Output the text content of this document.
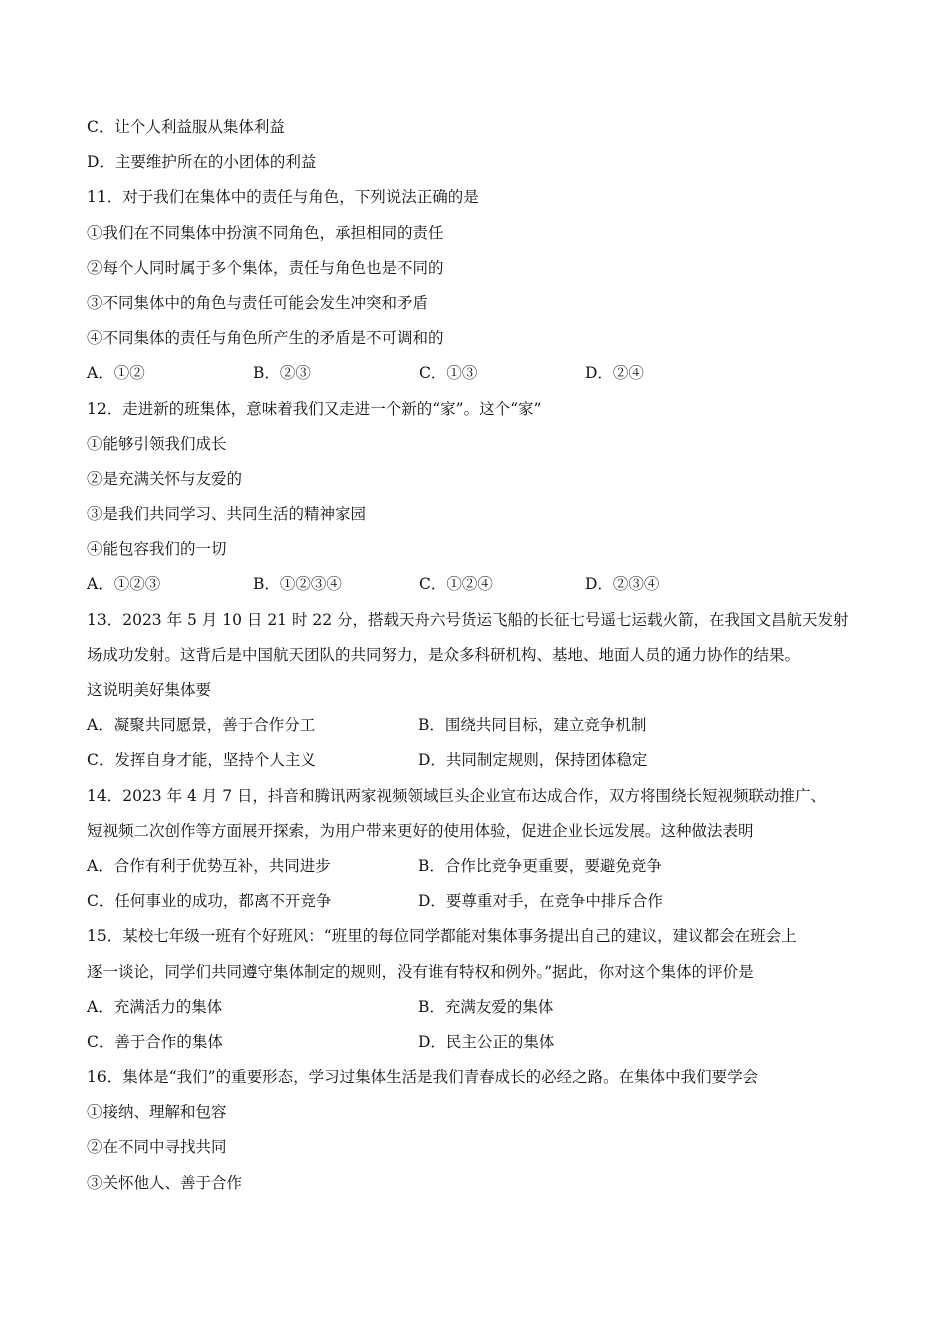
C．让个人利益服从集体利益
D．主要维护所在的小团体的利益
11．对于我们在集体中的责任与角色，下列说法正确的是
①我们在不同集体中扮演不同角色，承担相同的责任
②每个人同时属于多个集体，责任与角色也是不同的
③不同集体中的角色与责任可能会发生冲突和矛盾
④不同集体的责任与角色所产生的矛盾是不可调和的
A．①②	B．②③	C．①③	D．②④
12．走进新的班集体，意味着我们又走进一个新的“家”。这个“家”
①能够引领我们成长
②是充满关怀与友爱的
③是我们共同学习、共同生活的精神家园
④能包容我们的一切
A．①②③	B．①②③④	C．①②④	D．②③④
13．2023 年 5 月 10 日 21 时 22 分，搭载天舟六号货运飞船的长征七号遥七运载火箭，在我国文昌航天发射
场成功发射。这背后是中国航天团队的共同努力，是众多科研机构、基地、地面人员的通力协作的结果。
这说明美好集体要
A．凝聚共同愿景，善于合作分工	B．围绕共同目标，建立竞争机制
C．发挥自身才能，坚持个人主义	D．共同制定规则，保持团体稳定
14．2023 年 4 月 7 日，抖音和腾讯两家视频领域巨头企业宣布达成合作，双方将围绕长短视频联动推广、
短视频二次创作等方面展开探索，为用户带来更好的使用体验，促进企业长远发展。这种做法表明
A．合作有利于优势互补，共同进步	B．合作比竞争更重要，要避免竞争
C．任何事业的成功，都离不开竞争	D．要尊重对手，在竞争中排斥合作
15．某校七年级一班有个好班风：“班里的每位同学都能对集体事务提出自己的建议，建议都会在班会上
逐一谈论，同学们共同遵守集体制定的规则，没有谁有特权和例外。”据此，你对这个集体的评价是
A．充满活力的集体	B．充满友爱的集体
C．善于合作的集体	D．民主公正的集体
16．集体是“我们”的重要形态，学习过集体生活是我们青春成长的必经之路。在集体中我们要学会
①接纳、理解和包容
②在不同中寻找共同
③关怀他人、善于合作
